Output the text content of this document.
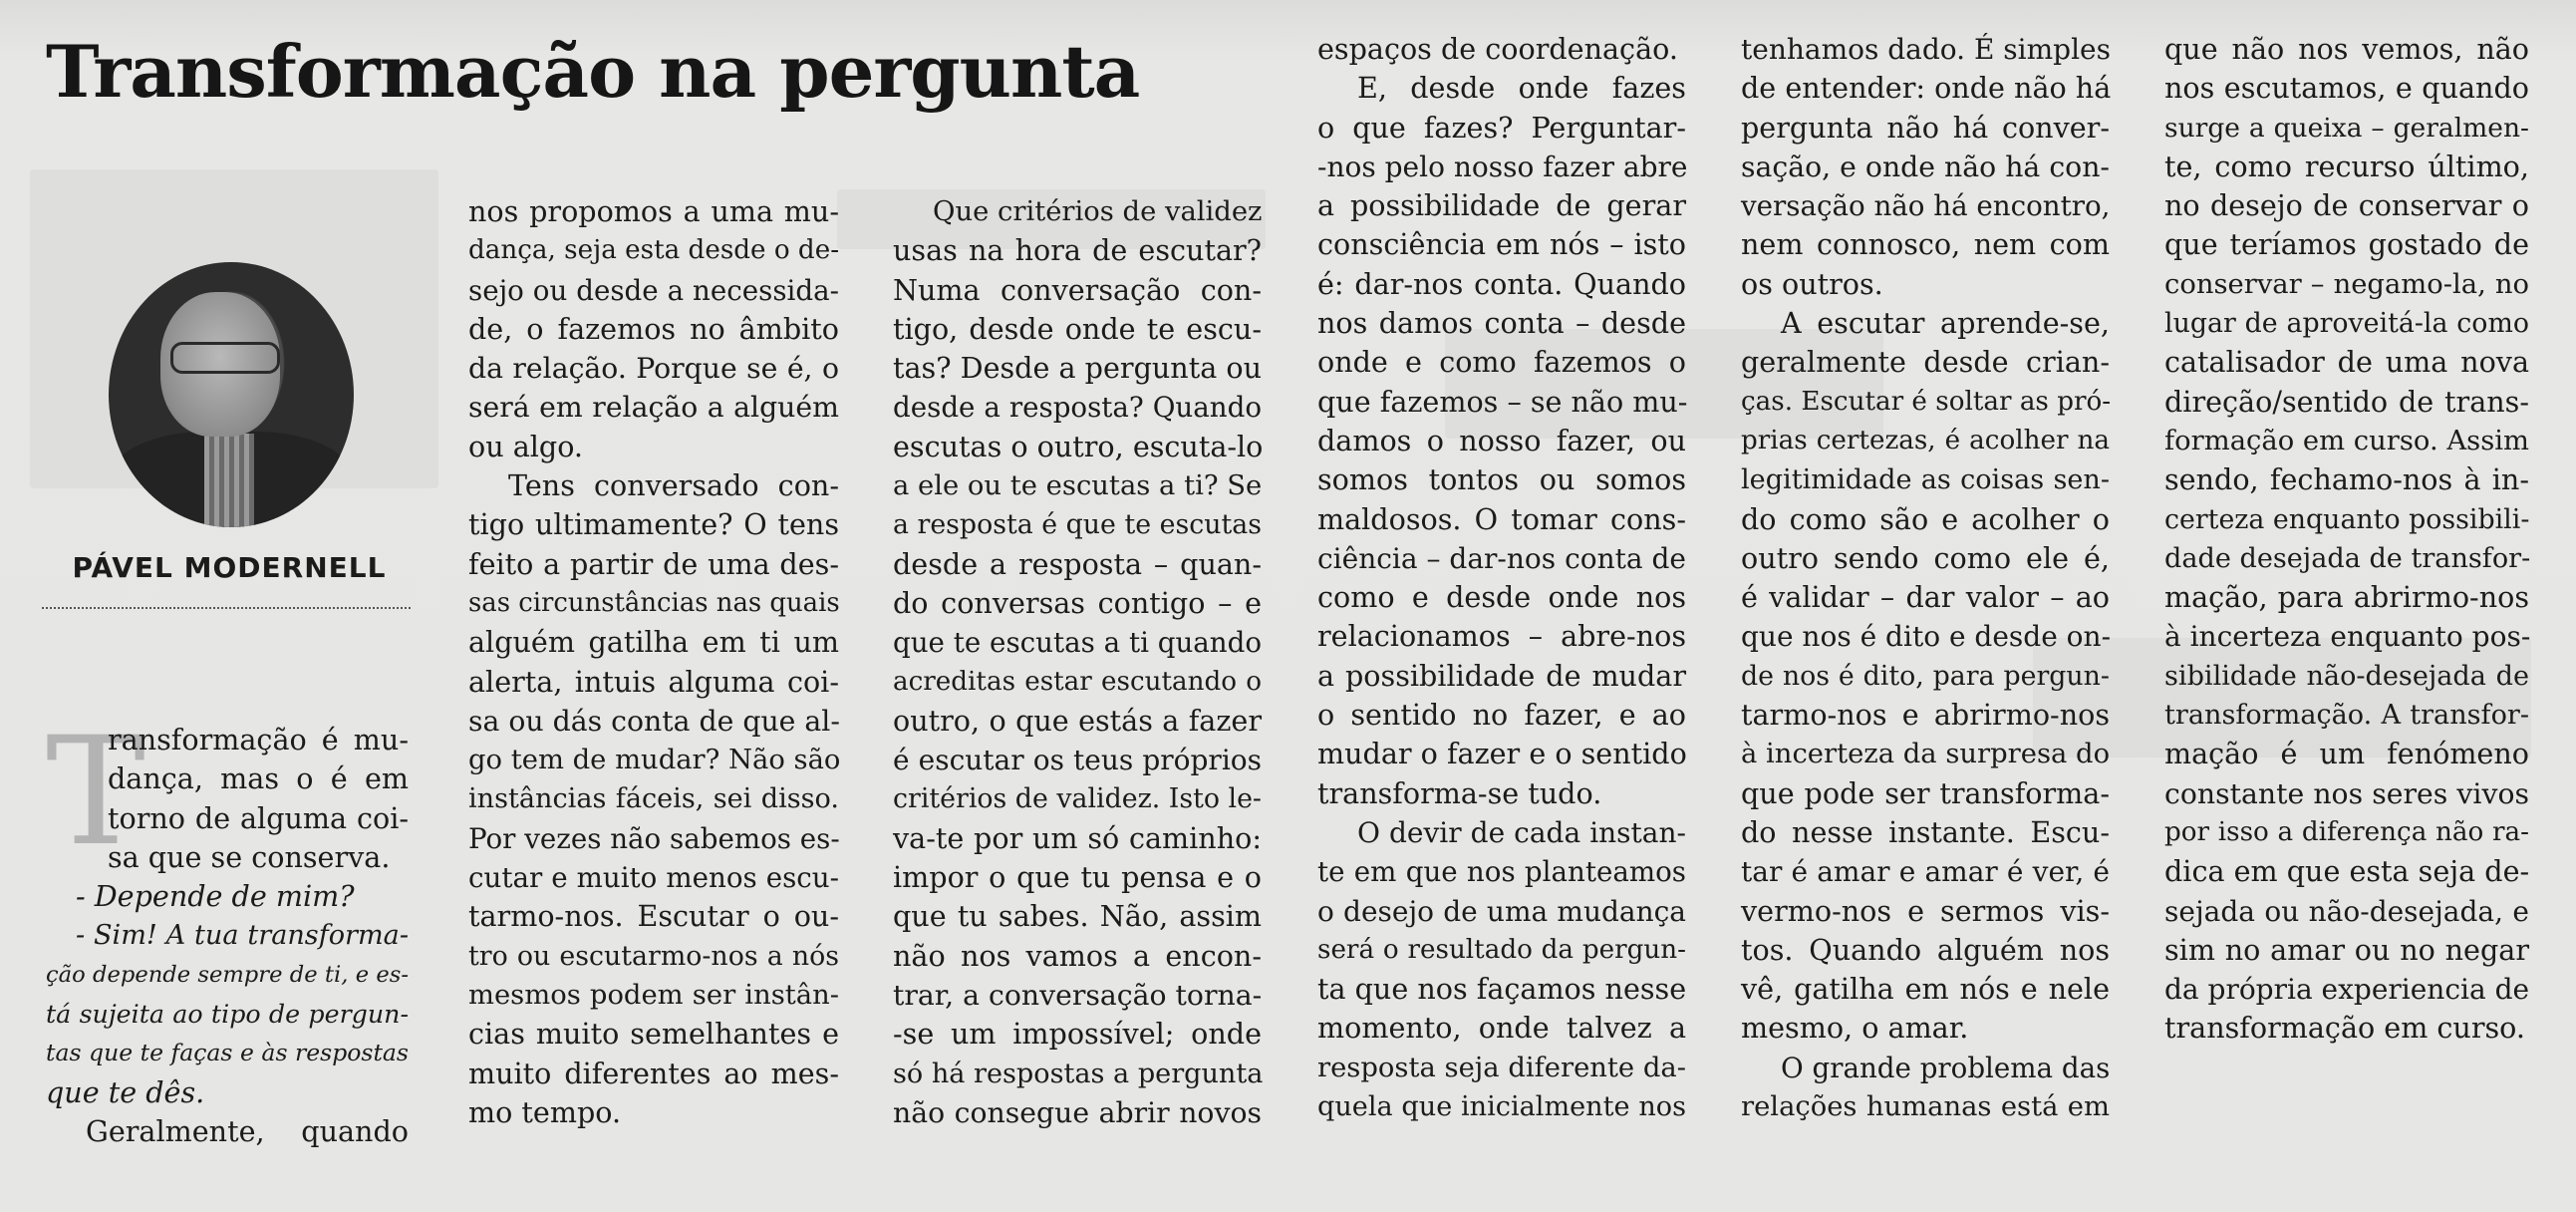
Transformação na pergunta
PÁVEL MODERNELL
T
ransformação é mu-
dança, mas o é em
torno de alguma coi-
sa que se conserva.
- Depende de mim?
- Sim! A tua transforma-
ção depende sempre de ti, e es-
tá sujeita ao tipo de pergun-
tas que te faças e às respostas
que te dês.
Geralmente, quando
nos propomos a uma mu-
dança, seja esta desde o de-
sejo ou desde a necessida-
de, o fazemos no âmbito
da relação. Porque se é, o
será em relação a alguém
ou algo.
Tens conversado con-
tigo ultimamente? O tens
feito a partir de uma des-
sas circunstâncias nas quais
alguém gatilha em ti um
alerta, intuis alguma coi-
sa ou dás conta de que al-
go tem de mudar? Não são
instâncias fáceis, sei disso.
Por vezes não sabemos es-
cutar e muito menos escu-
tarmo-nos. Escutar o ou-
tro ou escutarmo-nos a nós
mesmos podem ser instân-
cias muito semelhantes e
muito diferentes ao mes-
mo tempo.
Que critérios de validez
usas na hora de escutar?
Numa conversação con-
tigo, desde onde te escu-
tas? Desde a pergunta ou
desde a resposta? Quando
escutas o outro, escuta-lo
a ele ou te escutas a ti? Se
a resposta é que te escutas
desde a resposta – quan-
do conversas contigo – e
que te escutas a ti quando
acreditas estar escutando o
outro, o que estás a fazer
é escutar os teus próprios
critérios de validez. Isto le-
va-te por um só caminho:
impor o que tu pensa e o
que tu sabes. Não, assim
não nos vamos a encon-
trar, a conversação torna-
-se um impossível; onde
só há respostas a pergunta
não consegue abrir novos
espaços de coordenação.
E, desde onde fazes
o que fazes? Perguntar-
-nos pelo nosso fazer abre
a possibilidade de gerar
consciência em nós – isto
é: dar-nos conta. Quando
nos damos conta – desde
onde e como fazemos o
que fazemos – se não mu-
damos o nosso fazer, ou
somos tontos ou somos
maldosos. O tomar cons-
ciência – dar-nos conta de
como e desde onde nos
relacionamos – abre-nos
a possibilidade de mudar
o sentido no fazer, e ao
mudar o fazer e o sentido
transforma-se tudo.
O devir de cada instan-
te em que nos planteamos
o desejo de uma mudança
será o resultado da pergun-
ta que nos façamos nesse
momento, onde talvez a
resposta seja diferente da-
quela que inicialmente nos
tenhamos dado. É simples
de entender: onde não há
pergunta não há conver-
sação, e onde não há con-
versação não há encontro,
nem connosco, nem com
os outros.
A escutar aprende-se,
geralmente desde crian-
ças. Escutar é soltar as pró-
prias certezas, é acolher na
legitimidade as coisas sen-
do como são e acolher o
outro sendo como ele é,
é validar – dar valor – ao
que nos é dito e desde on-
de nos é dito, para pergun-
tarmo-nos e abrirmo-nos
à incerteza da surpresa do
que pode ser transforma-
do nesse instante. Escu-
tar é amar e amar é ver, é
vermo-nos e sermos vis-
tos. Quando alguém nos
vê, gatilha em nós e nele
mesmo, o amar.
O grande problema das
relações humanas está em
que não nos vemos, não
nos escutamos, e quando
surge a queixa – geralmen-
te, como recurso último,
no desejo de conservar o
que teríamos gostado de
conservar – negamo-la, no
lugar de aproveitá-la como
catalisador de uma nova
direção/sentido de trans-
formação em curso. Assim
sendo, fechamo-nos à in-
certeza enquanto possibili-
dade desejada de transfor-
mação, para abrirmo-nos
à incerteza enquanto pos-
sibilidade não-desejada de
transformação. A transfor-
mação é um fenómeno
constante nos seres vivos
por isso a diferença não ra-
dica em que esta seja de-
sejada ou não-desejada, e
sim no amar ou no negar
da própria experiencia de
transformação em curso.
